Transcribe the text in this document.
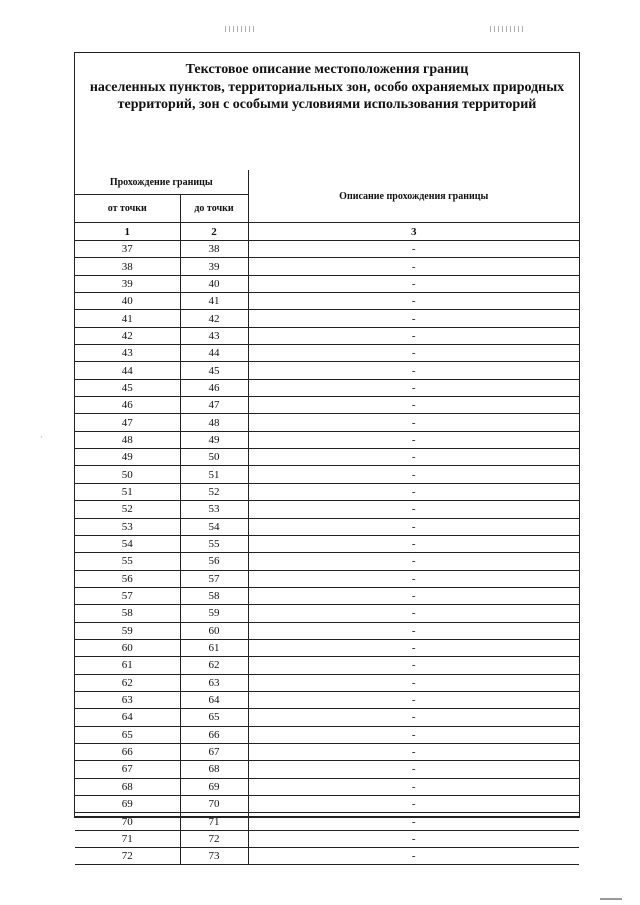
·
Текстовое описание местоположения границ
населенных пунктов, территориальных зон, особо охраняемых природных
территорий, зон с особыми условиями использования территорий
Прохождение границы		Описание прохождения границы
от точки	до точки	
1	2	3
37	38	-
38	39	-
39	40	-
40	41	-
41	42	-
42	43	-
43	44	-
44	45	-
45	46	-
46	47	-
47	48	-
48	49	-
49	50	-
50	51	-
51	52	-
52	53	-
53	54	-
54	55	-
55	56	-
56	57	-
57	58	-
58	59	-
59	60	-
60	61	-
61	62	-
62	63	-
63	64	-
64	65	-
65	66	-
66	67	-
67	68	-
68	69	-
69	70	-
70	71	-
71	72	-
72	73	-
